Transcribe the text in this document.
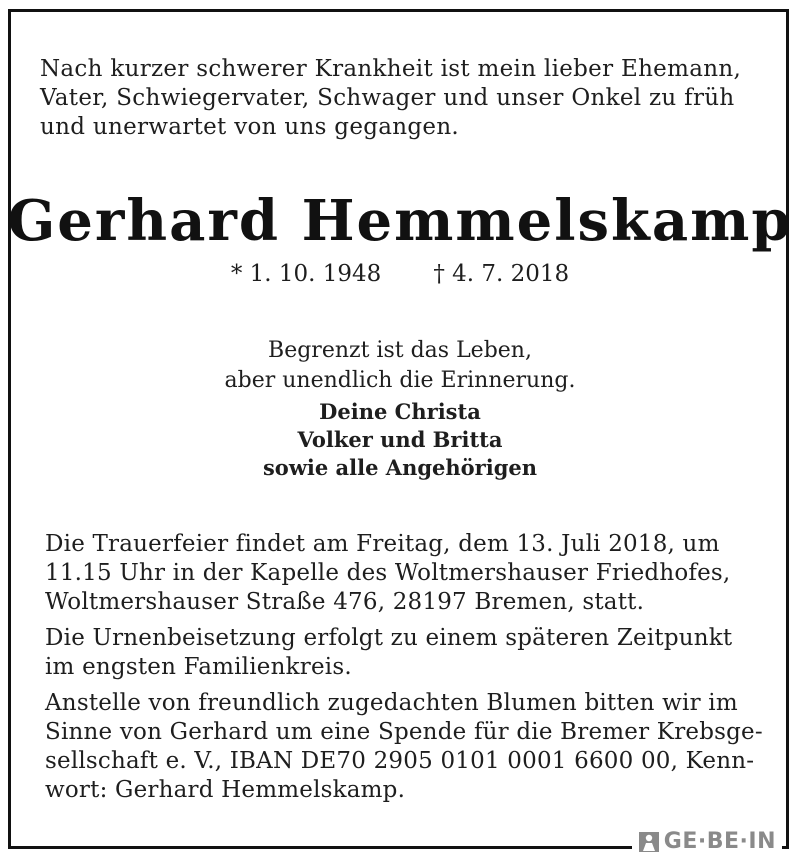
Nach kurzer schwerer Krankheit ist mein lieber Ehemann,
Vater, Schwiegervater, Schwager und unser Onkel zu früh
und unerwartet von uns gegangen.
Gerhard Hemmelskamp
* 1. 10. 1948 † 4. 7. 2018
Begrenzt ist das Leben,
aber unendlich die Erinnerung.
Deine Christa
Volker und Britta
sowie alle Angehörigen
Die Trauerfeier findet am Freitag, dem 13. Juli 2018, um
11.15 Uhr in der Kapelle des Woltmershauser Friedhofes,
Woltmershauser Straße 476, 28197 Bremen, statt.
Die Urnenbeisetzung erfolgt zu einem späteren Zeitpunkt
im engsten Familienkreis.
Anstelle von freundlich zugedachten Blumen bitten wir im
Sinne von Gerhard um eine Spende für die Bremer Krebsge-
sellschaft e. V., IBAN DE70 2905 0101 0001 6600 00, Kenn-
wort: Gerhard Hemmelskamp.
GE·BE·IN
